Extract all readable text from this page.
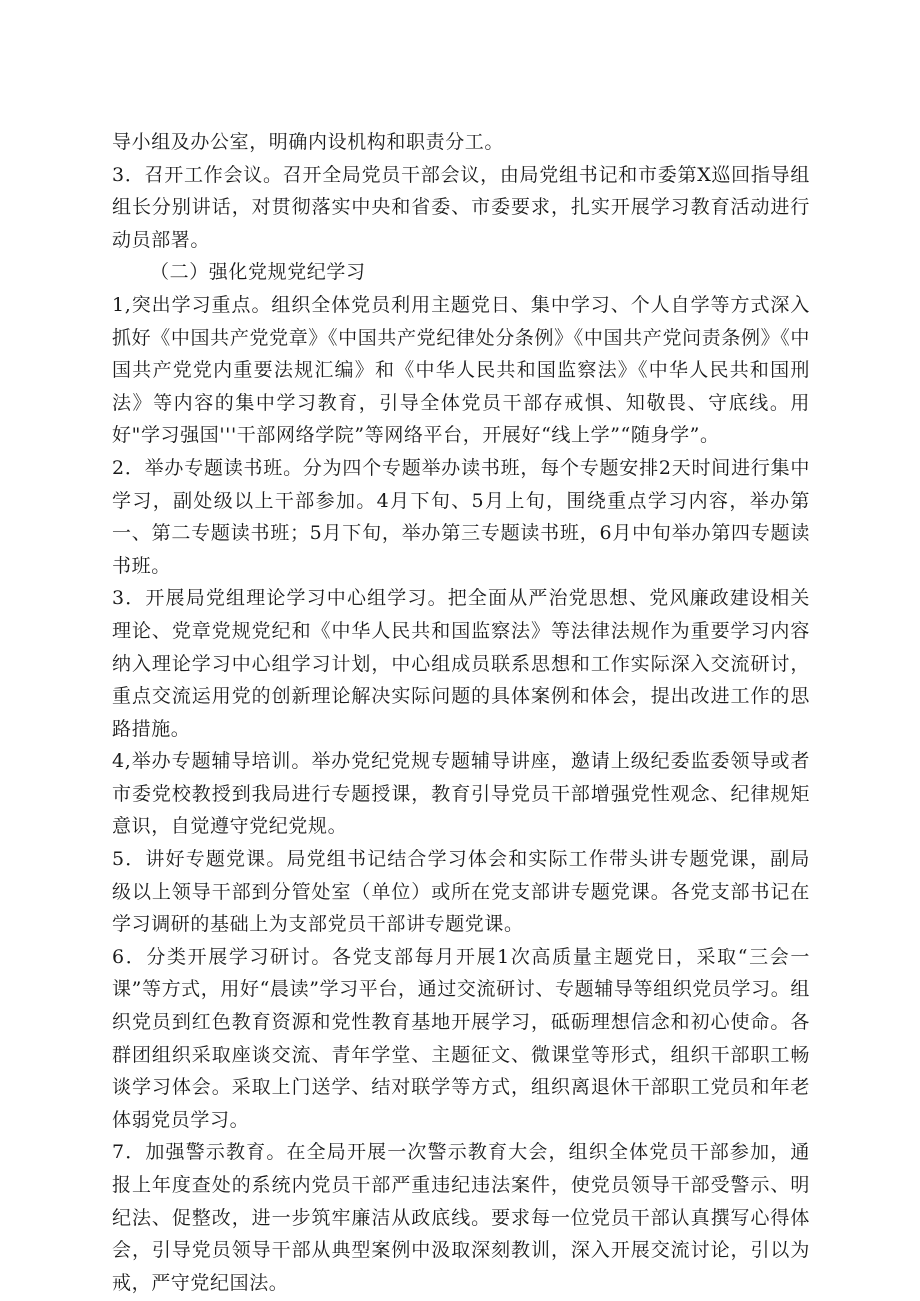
导小组及办公室，明确内设机构和职责分工。

3．召开工作会议。召开全局党员干部会议，由局党组书记和市委第X巡回指导组组长分别讲话，对贯彻落实中央和省委、市委要求，扎实开展学习教育活动进行动员部署。

（二）强化党规党纪学习

1,突出学习重点。组织全体党员利用主题党日、集中学习、个人自学等方式深入抓好《中国共产党党章》《中国共产党纪律处分条例》《中国共产党问责条例》《中国共产党党内重要法规汇编》和《中华人民共和国监察法》《中华人民共和国刑法》等内容的集中学习教育，引导全体党员干部存戒惧、知敬畏、守底线。用好"学习强国'''干部网络学院”等网络平台，开展好“线上学”“随身学”。

2．举办专题读书班。分为四个专题举办读书班，每个专题安排2天时间进行集中学习，副处级以上干部参加。4月下旬、5月上旬，围绕重点学习内容，举办第一、第二专题读书班；5月下旬，举办第三专题读书班，6月中旬举办第四专题读书班。

3．开展局党组理论学习中心组学习。把全面从严治党思想、党风廉政建设相关理论、党章党规党纪和《中华人民共和国监察法》等法律法规作为重要学习内容纳入理论学习中心组学习计划，中心组成员联系思想和工作实际深入交流研讨，重点交流运用党的创新理论解决实际问题的具体案例和体会，提出改进工作的思路措施。

4,举办专题辅导培训。举办党纪党规专题辅导讲座，邀请上级纪委监委领导或者市委党校教授到我局进行专题授课，教育引导党员干部增强党性观念、纪律规矩意识，自觉遵守党纪党规。

5．讲好专题党课。局党组书记结合学习体会和实际工作带头讲专题党课，副局级以上领导干部到分管处室（单位）或所在党支部讲专题党课。各党支部书记在学习调研的基础上为支部党员干部讲专题党课。

6．分类开展学习研讨。各党支部每月开展1次高质量主题党日，采取“三会一课”等方式，用好“晨读”学习平台，通过交流研讨、专题辅导等组织党员学习。组织党员到红色教育资源和党性教育基地开展学习，砥砺理想信念和初心使命。各群团组织采取座谈交流、青年学堂、主题征文、微课堂等形式，组织干部职工畅谈学习体会。采取上门送学、结对联学等方式，组织离退休干部职工党员和年老体弱党员学习。

7．加强警示教育。在全局开展一次警示教育大会，组织全体党员干部参加，通报上年度查处的系统内党员干部严重违纪违法案件，使党员领导干部受警示、明纪法、促整改，进一步筑牢廉洁从政底线。要求每一位党员干部认真撰写心得体会，引导党员领导干部从典型案例中汲取深刻教训，深入开展交流讨论，引以为戒，严守党纪国法。
